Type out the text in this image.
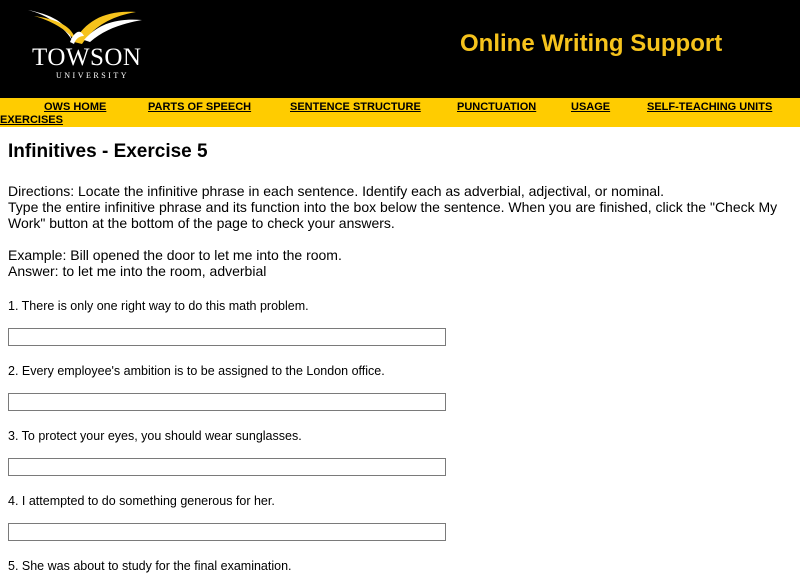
TOWSON
UNIVERSITY
Online Writing Support
OWS HOME	PARTS OF SPEECH	SENTENCE STRUCTURE	PUNCTUATION	USAGE	SELF-TEACHING UNITS
EXERCISES
Infinitives - Exercise 5

Directions: Locate the infinitive phrase in each sentence. Identify each as adverbial, adjectival, or nominal.

Type the entire infinitive phrase and its function into the box below the sentence. When you are finished, click the "Check My Work" button at the bottom of the page to check your answers.

Example: Bill opened the door to let me into the room.

Answer: to let me into the room, adverbial

1. There is only one right way to do this math problem.

2. Every employee's ambition is to be assigned to the London office.

3. To protect your eyes, you should wear sunglasses.

4. I attempted to do something generous for her.

5. She was about to study for the final examination.
